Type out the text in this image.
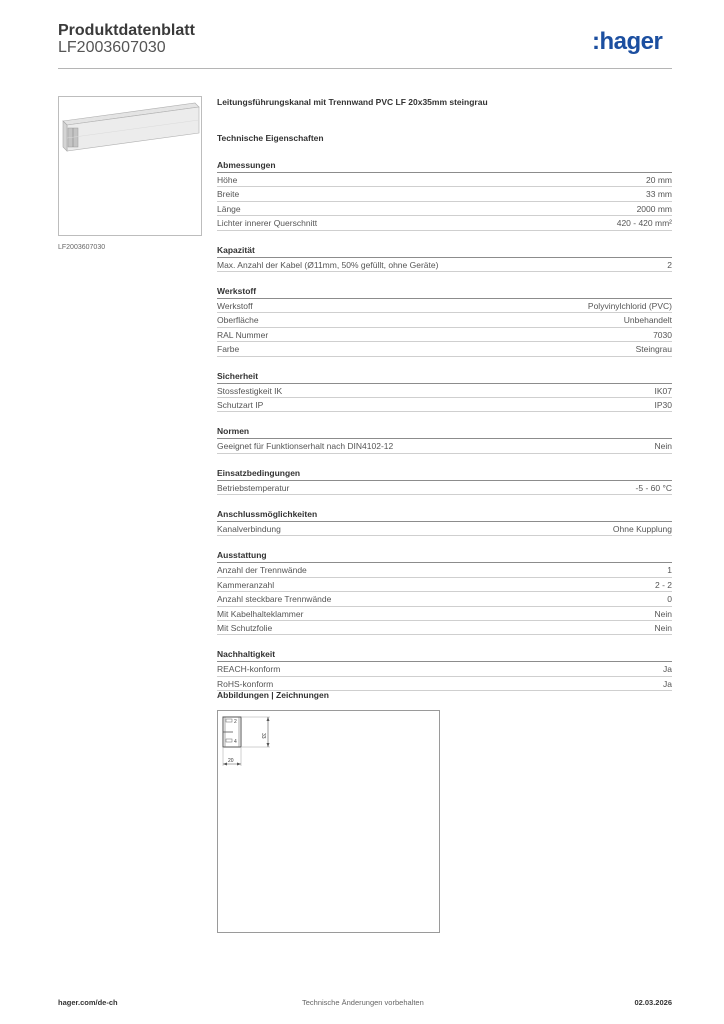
Produktdatenblatt
LF2003607030	:hager
LF2003607030
Leitungsführungskanal mit Trennwand PVC LF 20x35mm steingrau
Technische Eigenschaften
Abmessungen
Höhe	20 mm
Breite	33 mm
Länge	2000 mm
Lichter innerer Querschnitt	420 - 420 mm²
Kapazität
Max. Anzahl der Kabel (Ø11mm, 50% gefüllt, ohne Geräte)	2
Werkstoff
Werkstoff	Polyvinylchlorid (PVC)
Oberfläche	Unbehandelt
RAL Nummer	7030
Farbe	Steingrau
Sicherheit
Stossfestigkeit IK	IK07
Schutzart IP	IP30
Normen
Geeignet für Funktionserhalt nach DIN4102-12	Nein
Einsatzbedingungen
Betriebstemperatur	-5 - 60 °C
Anschlussmöglichkeiten
Kanalverbindung	Ohne Kupplung
Ausstattung
Anzahl der Trennwände	1
Kammeranzahl	2 - 2
Anzahl steckbare Trennwände	0
Mit Kabelhalteklammer	Nein
Mit Schutzfolie	Nein
Nachhaltigkeit
REACH-konform	Ja
RoHS-konform	Ja
Abbildungen | Zeichnungen
2
4
33
20
hager.com/de-ch	Technische Änderungen vorbehalten	02.03.2026
